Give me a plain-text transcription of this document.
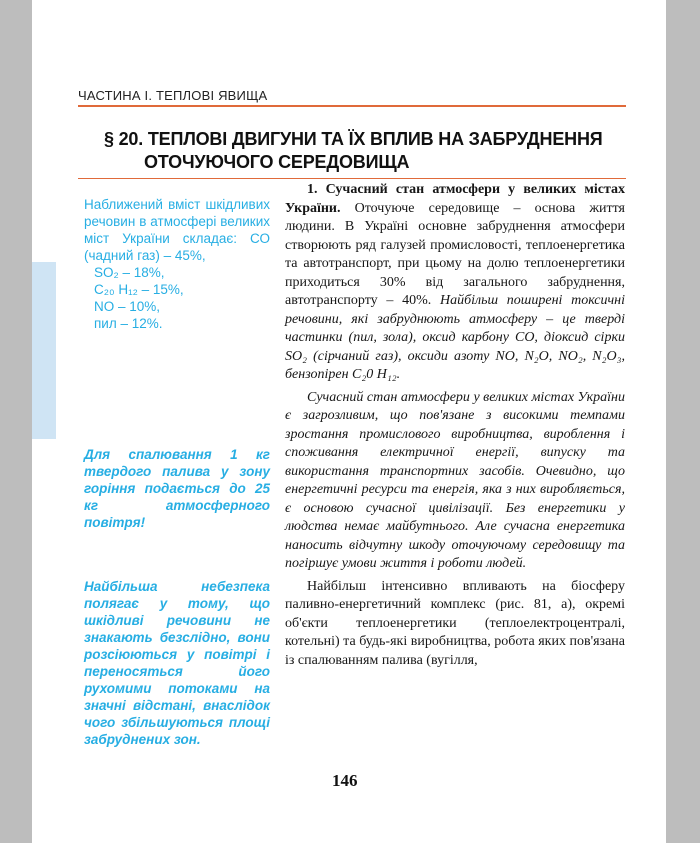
ЧАСТИНА І. ТЕПЛОВІ ЯВИЩА
§ 20. ТЕПЛОВІ ДВИГУНИ ТА ЇХ ВПЛИВ НА ЗАБРУДНЕННЯ
ОТОЧУЮЧОГО СЕРЕДОВИЩА
Наближений вміст шкідливих речовин в атмосфері великих міст України складає: СО (чадний газ) – 45%,
SO₂ – 18%,
C₂₀ H₁₂ – 15%,
NO – 10%,
пил – 12%.
Для спалювання 1 кг твердого палива у зону горіння подається до 25 кг атмосферного повітря!
Найбільша небезпека полягає у тому, що шкідливі речовини не знакають безслідно, вони розсіюються у повітрі і переносяться його рухомими потоками на значні відстані, внаслідок чого збільшуються площі забруднених зон.

1. Сучасний стан атмосфери у великих містах України. Оточуюче середовище – основа життя людини. В Україні основне забруднення атмосфери створюють ряд галузей промисловості, теплоенергетика та автотранспорт, при цьому на долю теплоенергетики приходиться 30% від загального забруднення, автотранспорту – 40%. Найбільш поширені токсичні речовини, які забруднюють атмосферу – це тверді частинки (пил, зола), оксид карбону CO, діоксид сірки SO₂ (сірчаний газ), оксиди азоту NO, N₂O, NO₂, N₂O₃, бензопірен C₂0 H₁₂.

Сучасний стан атмосфери у великих містах України є загрозливим, що пов'язане з високими темпами зростання промислового виробництва, вироблення і споживання електричної енергії, випуску та використання транспортних засобів. Очевидно, що енергетичні ресурси та енергія, яка з них виробляється, є основою сучасної цивілізації. Без енергетики у людства немає майбутнього. Але сучасна енергетика наносить відчутну шкоду оточуючому середовищу та погіршує умови життя і роботи людей.

Найбільш інтенсивно впливають на біосферу паливно-енергетичний комплекс (рис. 81, а), окремі об'єкти теплоенергетики (теплоелектроцентралі, котельні) та будь-які виробництва, робота яких пов'язана із спалюванням палива (вугілля,

146
